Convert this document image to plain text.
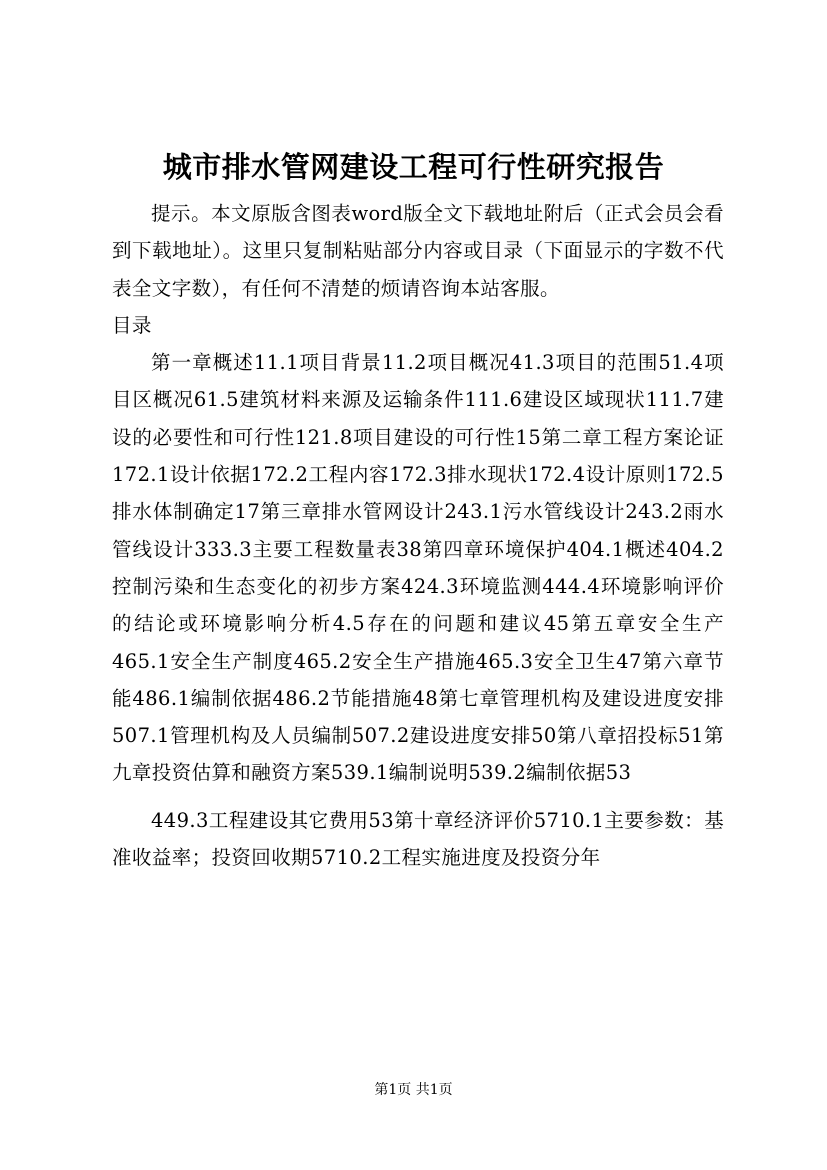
城市排水管网建设工程可行性研究报告

提示。本文原版含图表word版全文下载地址附后（正式会员会看到下载地址）。这里只复制粘贴部分内容或目录（下面显示的字数不代表全文字数），有任何不清楚的烦请咨询本站客服。

目录

第一章概述11.1项目背景11.2项目概况41.3项目的范围51.4项目区概况61.5建筑材料来源及运输条件111.6建设区域现状111.7建设的必要性和可行性121.8项目建设的可行性15第二章工程方案论证172.1设计依据172.2工程内容172.3排水现状172.4设计原则172.5排水体制确定17第三章排水管网设计243.1污水管线设计243.2雨水管线设计333.3主要工程数量表38第四章环境保护404.1概述404.2控制污染和生态变化的初步方案424.3环境监测444.4环境影响评价的结论或环境影响分析4.5存在的问题和建议45第五章安全生产465.1安全生产制度465.2安全生产措施465.3安全卫生47第六章节能486.1编制依据486.2节能措施48第七章管理机构及建设进度安排507.1管理机构及人员编制507.2建设进度安排50第八章招投标51第九章投资估算和融资方案539.1编制说明539.2编制依据53

449.3工程建设其它费用53第十章经济评价5710.1主要参数：基准收益率；投资回收期5710.2工程实施进度及投资分年

第1页 共1页
